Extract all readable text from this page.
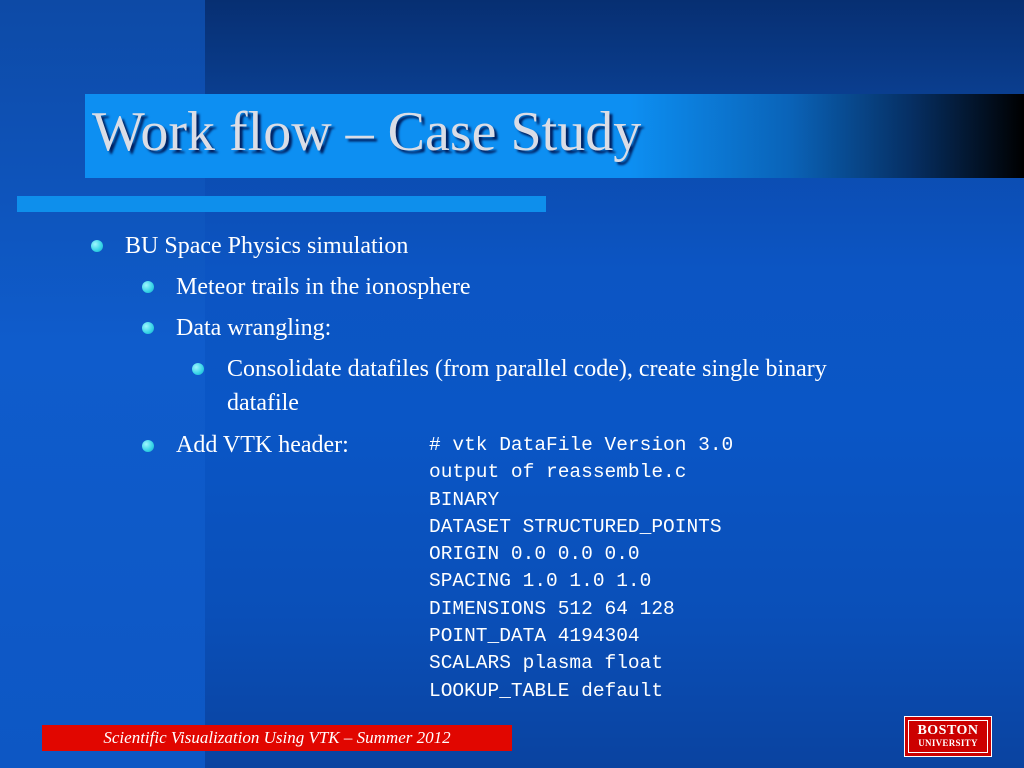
Work flow – Case Study
BU Space Physics simulation
Meteor trails in the ionosphere
Data wrangling:
Consolidate datafiles (from parallel code), create single binary
datafile
Add VTK header:	# vtk DataFile Version 3.0
output of reassemble.c
BINARY
DATASET STRUCTURED_POINTS
ORIGIN 0.0 0.0 0.0
SPACING 1.0 1.0 1.0
DIMENSIONS 512 64 128
POINT_DATA 4194304
SCALARS plasma float
LOOKUP_TABLE default
Scientific Visualization Using VTK – Summer 2012	BOSTON
UNIVERSITY
